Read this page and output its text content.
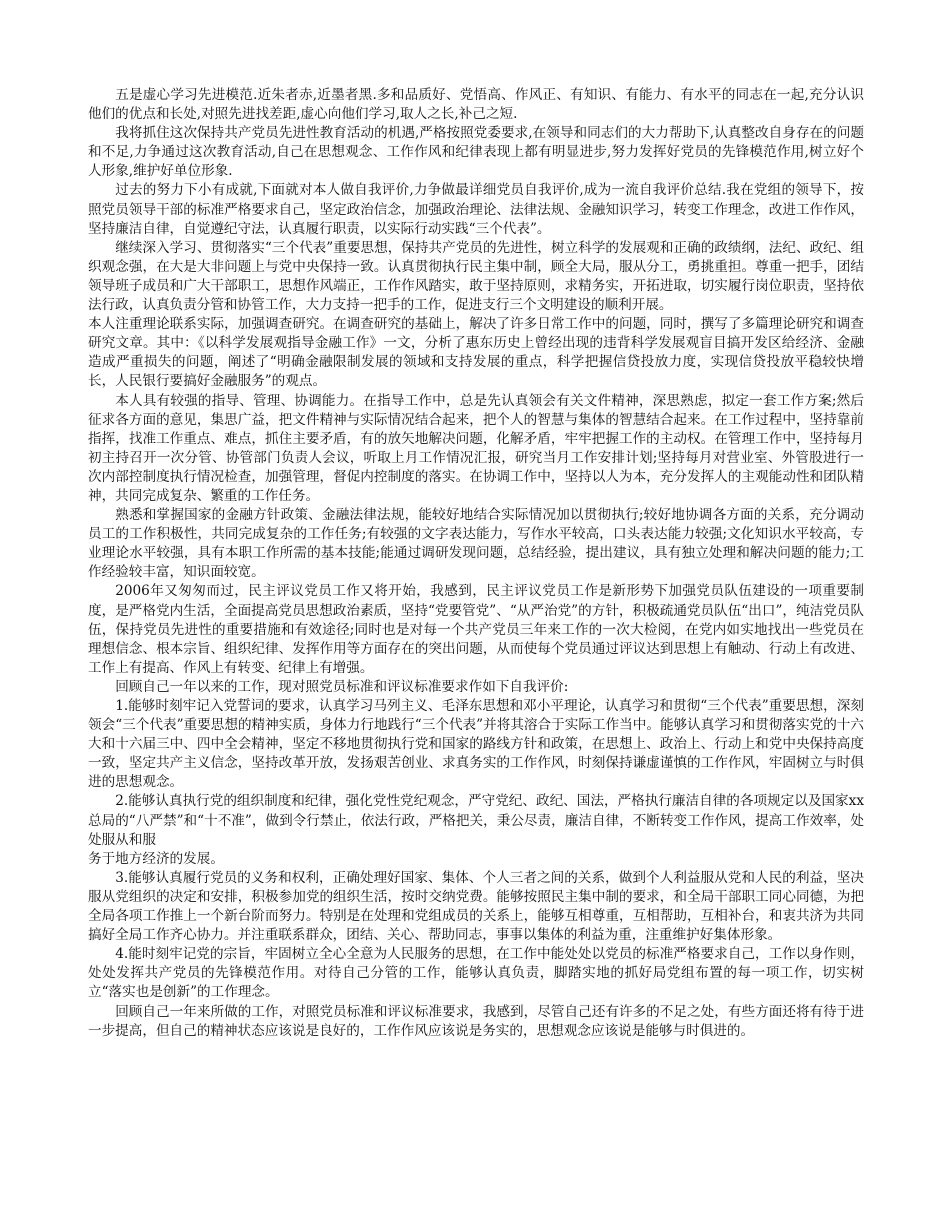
五是虚心学习先进模范.近朱者赤,近墨者黑.多和品质好、党悟高、作风正、有知识、有能力、有水平的同志在一起,充分认识他们的优点和长处,对照先进找差距,虚心向他们学习,取人之长,补己之短.

我将抓住这次保持共产党员先进性教育活动的机遇,严格按照党委要求,在领导和同志们的大力帮助下,认真整改自身存在的问题和不足,力争通过这次教育活动,自己在思想观念、工作作风和纪律表现上都有明显进步,努力发挥好党员的先锋模范作用,树立好个人形象,维护好单位形象.

过去的努力下小有成就,下面就对本人做自我评价,力争做最详细党员自我评价,成为一流自我评价总结.我在党组的领导下，按照党员领导干部的标准严格要求自己，坚定政治信念，加强政治理论、法律法规、金融知识学习，转变工作理念，改进工作作风，坚持廉洁自律，自觉遵纪守法，认真履行职责，以实际行动实践“三个代表”。

继续深入学习、贯彻落实“三个代表”重要思想，保持共产党员的先进性，树立科学的发展观和正确的政绩纲，法纪、政纪、组织观念强，在大是大非问题上与党中央保持一致。认真贯彻执行民主集中制，顾全大局，服从分工，勇挑重担。尊重一把手，团结领导班子成员和广大干部职工，思想作风端正，工作作风踏实，敢于坚持原则，求精务实，开拓进取，切实履行岗位职责，坚持依法行政，认真负责分管和协管工作，大力支持一把手的工作，促进支行三个文明建设的顺利开展。

本人注重理论联系实际，加强调查研究。在调查研究的基础上，解决了许多日常工作中的问题，同时，撰写了多篇理论研究和调查研究文章。其中：《以科学发展观指导金融工作》一文，分析了惠东历史上曾经出现的违背科学发展观盲目搞开发区给经济、金融造成严重损失的问题，阐述了“明确金融限制发展的领域和支持发展的重点，科学把握信贷投放力度，实现信贷投放平稳较快增长，人民银行要搞好金融服务”的观点。

本人具有较强的指导、管理、协调能力。在指导工作中，总是先认真领会有关文件精神，深思熟虑，拟定一套工作方案;然后征求各方面的意见，集思广益，把文件精神与实际情况结合起来，把个人的智慧与集体的智慧结合起来。在工作过程中，坚持靠前指挥，找准工作重点、难点，抓住主要矛盾，有的放矢地解决问题，化解矛盾，牢牢把握工作的主动权。在管理工作中，坚持每月初主持召开一次分管、协管部门负责人会议，听取上月工作情况汇报，研究当月工作安排计划;坚持每月对营业室、外管股进行一次内部控制度执行情况检查，加强管理，督促内控制度的落实。在协调工作中，坚持以人为本，充分发挥人的主观能动性和团队精神，共同完成复杂、繁重的工作任务。

熟悉和掌握国家的金融方针政策、金融法律法规，能较好地结合实际情况加以贯彻执行;较好地协调各方面的关系，充分调动员工的工作积极性，共同完成复杂的工作任务;有较强的文字表达能力，写作水平较高，口头表达能力较强;文化知识水平较高，专业理论水平较强，具有本职工作所需的基本技能;能通过调研发现问题，总结经验，提出建议，具有独立处理和解决问题的能力;工作经验较丰富，知识面较宽。

2006年又匆匆而过，民主评议党员工作又将开始，我感到，民主评议党员工作是新形势下加强党员队伍建设的一项重要制度，是严格党内生活，全面提高党员思想政治素质，坚持“党要管党”、“从严治党”的方针，积极疏通党员队伍“出口”，纯洁党员队伍，保持党员先进性的重要措施和有效途径;同时也是对每一个共产党员三年来工作的一次大检阅，在党内如实地找出一些党员在理想信念、根本宗旨、组织纪律、发挥作用等方面存在的突出问题，从而使每个党员通过评议达到思想上有触动、行动上有改进、工作上有提高、作风上有转变、纪律上有增强。

回顾自己一年以来的工作，现对照党员标准和评议标准要求作如下自我评价:

1.能够时刻牢记入党誓词的要求，认真学习马列主义、毛泽东思想和邓小平理论，认真学习和贯彻“三个代表”重要思想，深刻领会“三个代表”重要思想的精神实质，身体力行地践行“三个代表”并将其溶合于实际工作当中。能够认真学习和贯彻落实党的十六大和十六届三中、四中全会精神，坚定不移地贯彻执行党和国家的路线方针和政策，在思想上、政治上、行动上和党中央保持高度一致，坚定共产主义信念，坚持改革开放，发扬艰苦创业、求真务实的工作作风，时刻保持谦虚谨慎的工作作风，牢固树立与时俱进的思想观念。

2.能够认真执行党的组织制度和纪律，强化党性党纪观念，严守党纪、政纪、国法，严格执行廉洁自律的各项规定以及国家xx总局的“八严禁”和“十不准”，做到令行禁止，依法行政，严格把关，秉公尽责，廉洁自律，不断转变工作作风，提高工作效率，处处服从和服

务于地方经济的发展。

3.能够认真履行党员的义务和权利，正确处理好国家、集体、个人三者之间的关系，做到个人利益服从党和人民的利益，坚决服从党组织的决定和安排，积极参加党的组织生活，按时交纳党费。能够按照民主集中制的要求，和全局干部职工同心同德，为把全局各项工作推上一个新台阶而努力。特别是在处理和党组成员的关系上，能够互相尊重，互相帮助，互相补台，和衷共济为共同搞好全局工作齐心协力。并注重联系群众，团结、关心、帮助同志，事事以集体的利益为重，注重维护好集体形象。

4.能时刻牢记党的宗旨，牢固树立全心全意为人民服务的思想，在工作中能处处以党员的标准严格要求自己，工作以身作则，处处发挥共产党员的先锋模范作用。对待自己分管的工作，能够认真负责，脚踏实地的抓好局党组布置的每一项工作，切实树立“落实也是创新”的工作理念。

回顾自己一年来所做的工作，对照党员标准和评议标准要求，我感到，尽管自己还有许多的不足之处，有些方面还将有待于进一步提高，但自己的精神状态应该说是良好的，工作作风应该说是务实的，思想观念应该说是能够与时俱进的。
